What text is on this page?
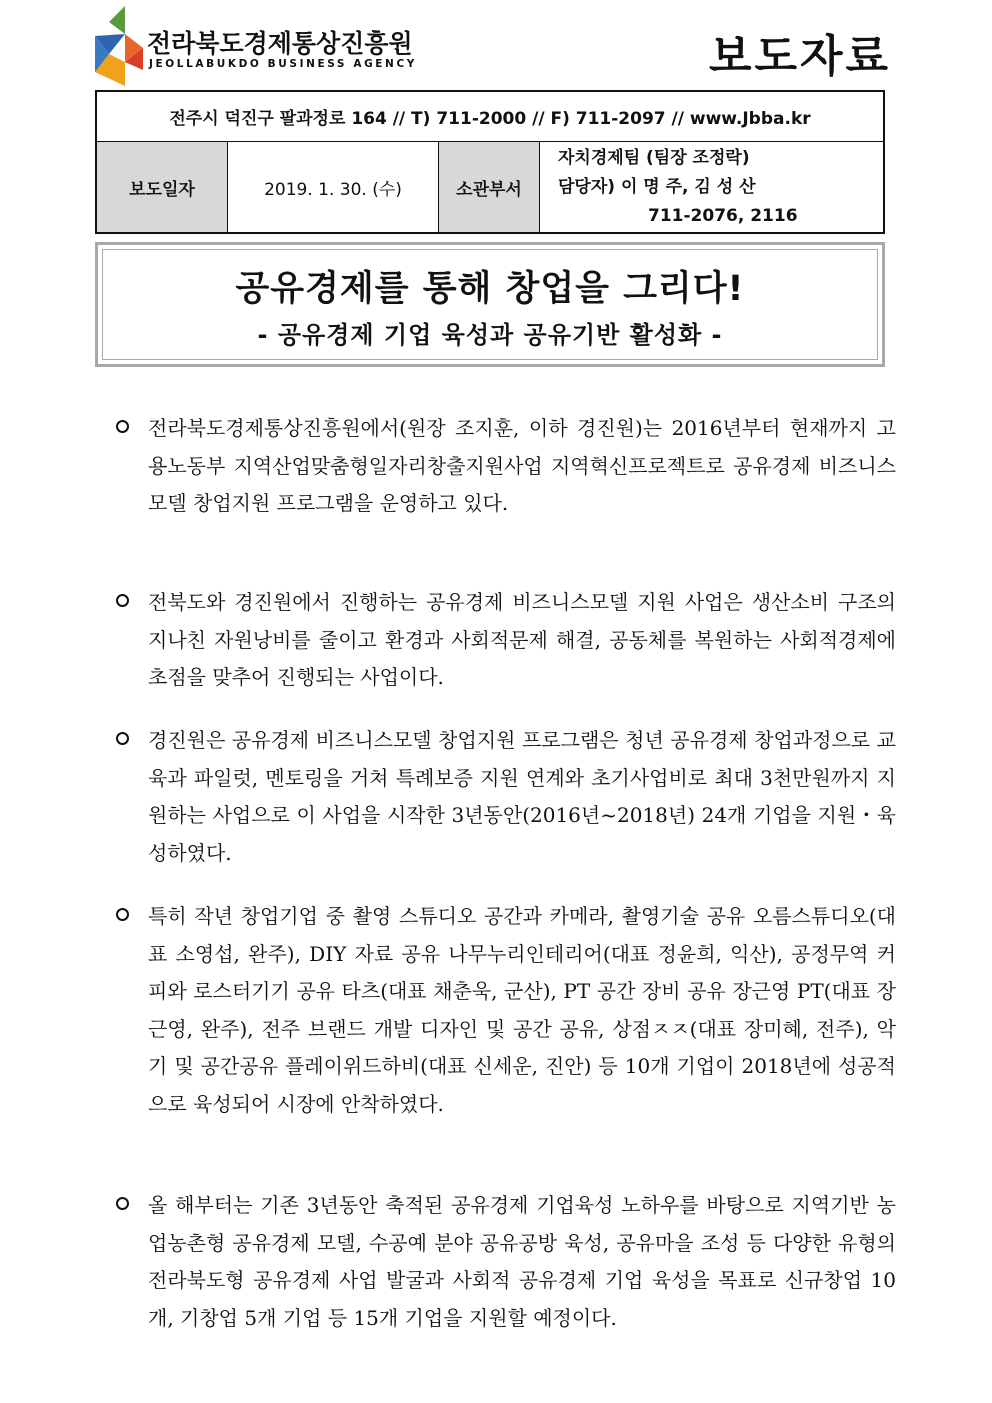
전라북도경제통상진흥원
JEOLLABUKDO BUSINESS AGENCY	보도자료
전주시 덕진구 팔과정로 164 // T) 711-2000 // F) 711-2097 // www.Jbba.kr
보도일자	2019. 1. 30. (수)	소관부서	
자치경제팀 (팀장 조정락)
담당자) 이 명 주, 김 성 산
711-2076, 2116
공유경제를 통해 창업을 그리다!
- 공유경제 기업 육성과 공유기반 활성화 -
전라북도경제통상진흥원에서(원장 조지훈, 이하 경진원)는 2016년부터 현재까지 고용노동부 지역산업맞춤형일자리창출지원사업 지역혁신프로젝트로 공유경제 비즈니스모델 창업지원 프로그램을 운영하고 있다.
전북도와 경진원에서 진행하는 공유경제 비즈니스모델 지원 사업은 생산소비 구조의 지나친 자원낭비를 줄이고 환경과 사회적문제 해결, 공동체를 복원하는 사회적경제에 초점을 맞추어 진행되는 사업이다.
경진원은 공유경제 비즈니스모델 창업지원 프로그램은 청년 공유경제 창업과정으로 교육과 파일럿, 멘토링을 거쳐 특례보증 지원 연계와 초기사업비로 최대 3천만원까지 지원하는 사업으로 이 사업을 시작한 3년동안(2016년~2018년) 24개 기업을 지원・육성하였다.
특히 작년 창업기업 중 촬영 스튜디오 공간과 카메라, 촬영기술 공유 오름스튜디오(대표 소영섭, 완주), DIY 자료 공유 나무누리인테리어(대표 정윤희, 익산), 공정무역 커피와 로스터기기 공유 타츠(대표 채춘욱, 군산), PT 공간 장비 공유 장근영 PT(대표 장근영, 완주), 전주 브랜드 개발 디자인 및 공간 공유, 상점ㅈㅈ(대표 장미혜, 전주), 악기 및 공간공유 플레이위드하비(대표 신세운, 진안) 등 10개 기업이 2018년에 성공적으로 육성되어 시장에 안착하였다.
올 해부터는 기존 3년동안 축적된 공유경제 기업육성 노하우를 바탕으로 지역기반 농업농촌형 공유경제 모델, 수공예 분야 공유공방 육성, 공유마을 조성 등 다양한 유형의 전라북도형 공유경제 사업 발굴과 사회적 공유경제 기업 육성을 목표로 신규창업 10개, 기창업 5개 기업 등 15개 기업을 지원할 예정이다.
